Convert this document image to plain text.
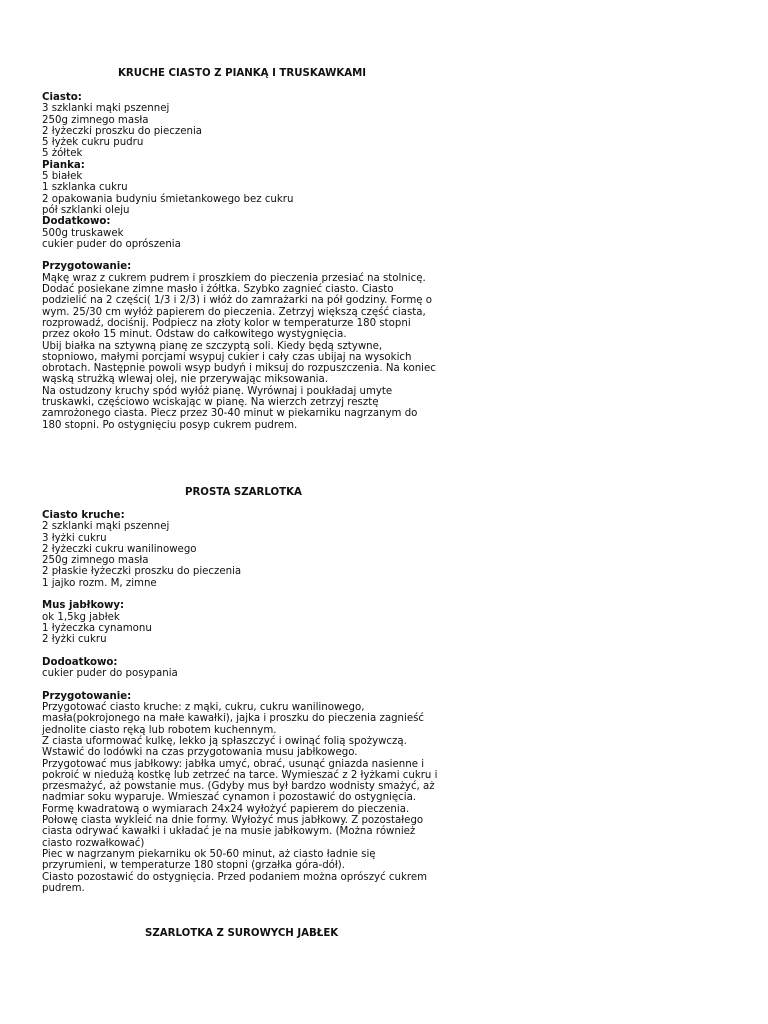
KRUCHE CIASTO Z PIANKĄ I TRUSKAWKAMI
Ciasto:
3 szklanki mąki pszennej
250g zimnego masła
2 łyżeczki proszku do pieczenia
5 łyżek cukru pudru
5 żółtek
Pianka:
5 białek
1 szklanka cukru
2 opakowania budyniu śmietankowego bez cukru
pół szklanki oleju
Dodatkowo:
500g truskawek
cukier puder do oprószenia
Przygotowanie:
Mąkę wraz z cukrem pudrem i proszkiem do pieczenia przesiać na stolnicę.
Dodać posiekane zimne masło i żółtka. Szybko zagnieć ciasto. Ciasto
podzielić na 2 części( 1/3 i 2/3) i włóż do zamrażarki na pół godziny. Formę o
wym. 25/30 cm wyłóż papierem do pieczenia. Zetrzyj większą część ciasta,
rozprowadź, dociśnij. Podpiecz na złoty kolor w temperaturze 180 stopni
przez około 15 minut. Odstaw do całkowitego wystygnięcia.
Ubij białka na sztywną pianę ze szczyptą soli. Kiedy będą sztywne,
stopniowo, małymi porcjami wsypuj cukier i cały czas ubijaj na wysokich
obrotach. Następnie powoli wsyp budyń i miksuj do rozpuszczenia. Na koniec
wąską strużką wlewaj olej, nie przerywając miksowania.
Na ostudzony kruchy spód wyłóż pianę. Wyrównaj i poukładaj umyte
truskawki, częściowo wciskając w pianę. Na wierzch zetrzyj resztę
zamrożonego ciasta. Piecz przez 30-40 minut w piekarniku nagrzanym do
180 stopni. Po ostygnięciu posyp cukrem pudrem.
PROSTA SZARLOTKA
Ciasto kruche:
2 szklanki mąki pszennej
3 łyżki cukru
2 łyżeczki cukru wanilinowego
250g zimnego masła
2 płaskie łyżeczki proszku do pieczenia
1 jajko rozm. M, zimne
Mus jabłkowy:
ok 1,5kg jabłek
1 łyżeczka cynamonu
2 łyżki cukru
Dodoatkowo:
cukier puder do posypania
Przygotowanie:
Przygotować ciasto kruche: z mąki, cukru, cukru wanilinowego,
masła(pokrojonego na małe kawałki), jajka i proszku do pieczenia zagnieść
jednolite ciasto ręką lub robotem kuchennym.
Z ciasta uformować kulkę, lekko ją spłaszczyć i owinąć folią spożywczą.
Wstawić do lodówki na czas przygotowania musu jabłkowego.
Przygotować mus jabłkowy: jabłka umyć, obrać, usunąć gniazda nasienne i
pokroić w niedużą kostkę lub zetrzeć na tarce. Wymieszać z 2 łyżkami cukru i
przesmażyć, aż powstanie mus. (Gdyby mus był bardzo wodnisty smażyć, aż
nadmiar soku wyparuje. Wmieszać cynamon i pozostawić do ostygnięcia.
Formę kwadratową o wymiarach 24x24 wyłożyć papierem do pieczenia.
Połowę ciasta wykleić na dnie formy. Wyłożyć mus jabłkowy. Z pozostałego
ciasta odrywać kawałki i układać je na musie jabłkowym. (Można również
ciasto rozwałkować)
Piec w nagrzanym piekarniku ok 50-60 minut, aż ciasto ładnie się
przyrumieni, w temperaturze 180 stopni (grzałka góra-dół).
Ciasto pozostawić do ostygnięcia. Przed podaniem można oprószyć cukrem
pudrem.
SZARLOTKA Z SUROWYCH JABŁEK
